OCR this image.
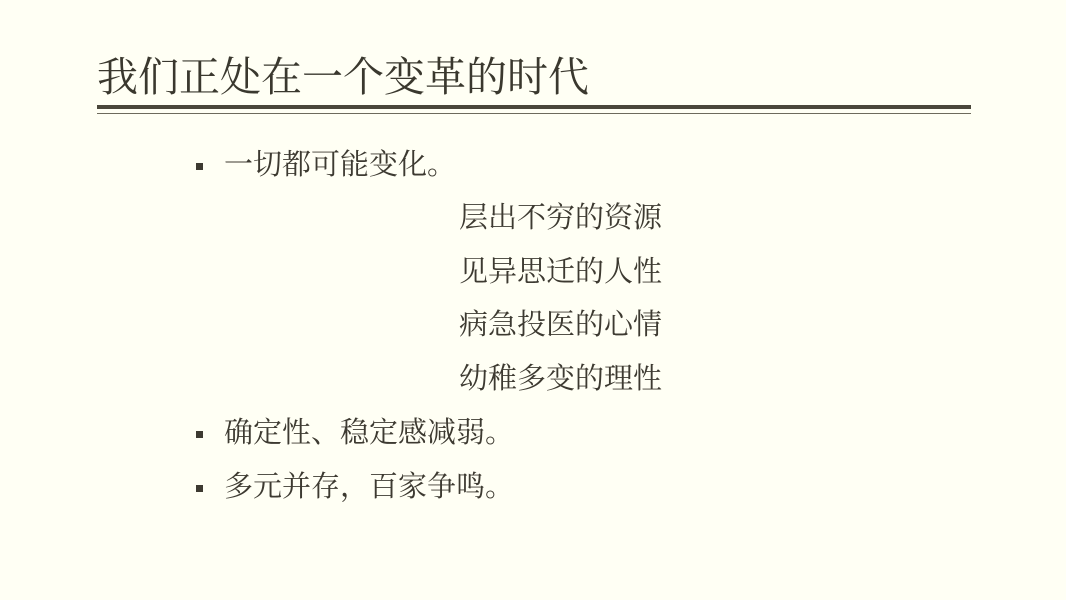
我们正处在一个变革的时代
一切都可能变化。
层出不穷的资源
见异思迁的人性
病急投医的心情
幼稚多变的理性
确定性、稳定感减弱。
多元并存，百家争鸣。
